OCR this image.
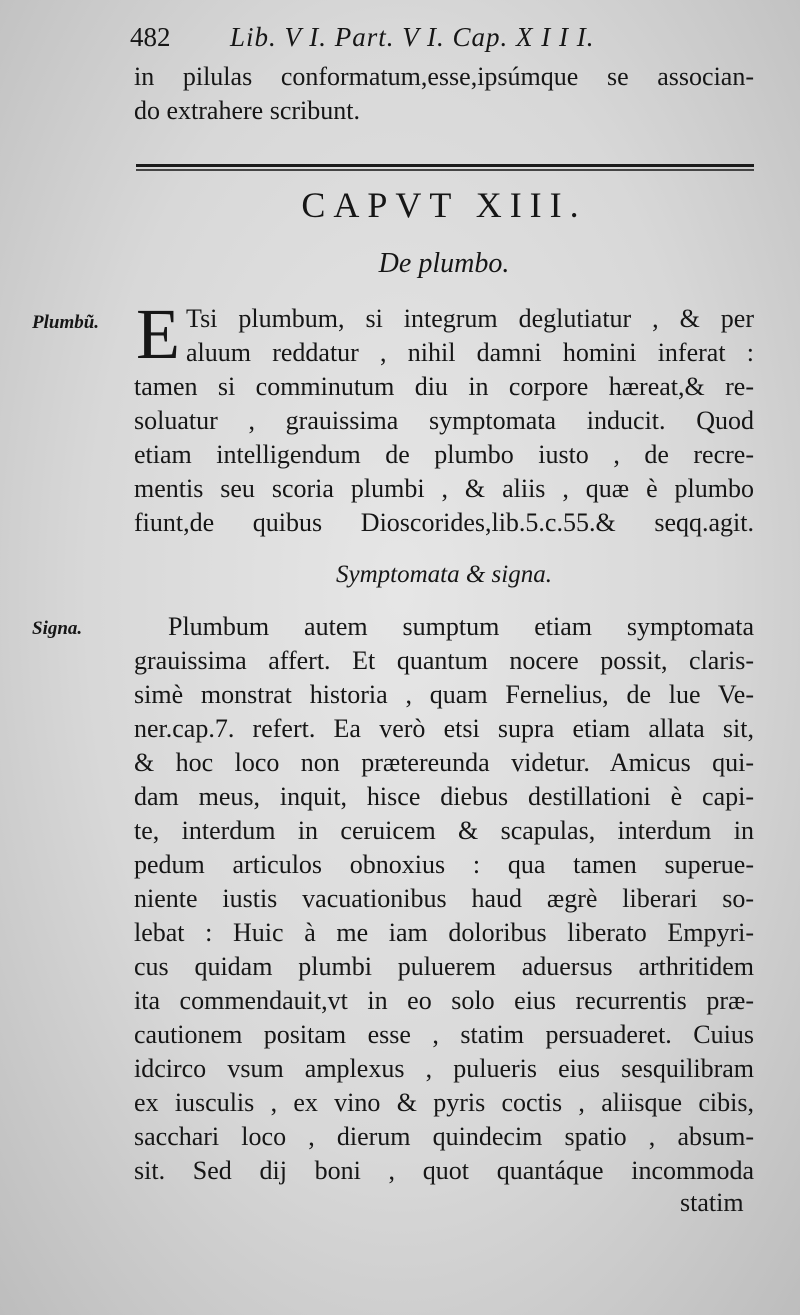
482 Lib. V I. Part. V I. Cap. X I I I.
in pilulas conformatum,esse,ipsúmque se associan-
do extrahere scribunt.
CAPVT XIII.
De plumbo.
Plumbũ. E Tsi plumbum, si integrum deglutiatur , & per
aluum reddatur , nihil damni homini inferat :
tamen si comminutum diu in corpore hæreat,& re-
soluatur , grauissima symptomata inducit. Quod
etiam intelligendum de plumbo iusto , de recre-
mentis seu scoria plumbi , & aliis , quæ è plumbo
fiunt,de quibus Dioscorides,lib.5.c.55.& seqq.agit.
Symptomata & signa.
Signa.	Plumbum autem sumptum etiam symptomata
grauissima affert. Et quantum nocere possit, claris-
simè monstrat historia , quam Fernelius, de lue Ve-
ner.cap.7. refert. Ea verò etsi supra etiam allata sit,
& hoc loco non prætereunda videtur. Amicus qui-
dam meus, inquit, hisce diebus destillationi è capi-
te, interdum in ceruicem & scapulas, interdum in
pedum articulos obnoxius : qua tamen superue-
niente iustis vacuationibus haud ægrè liberari so-
lebat : Huic à me iam doloribus liberato Empyri-
cus quidam plumbi puluerem aduersus arthritidem
ita commendauit,vt in eo solo eius recurrentis præ-
cautionem positam esse , statim persuaderet. Cuius
idcirco vsum amplexus , pulueris eius sesquilibram
ex iusculis , ex vino & pyris coctis , aliisque cibis,
sacchari loco , dierum quindecim spatio , absum-
sit. Sed dij boni , quot quantáque incommoda
statim
